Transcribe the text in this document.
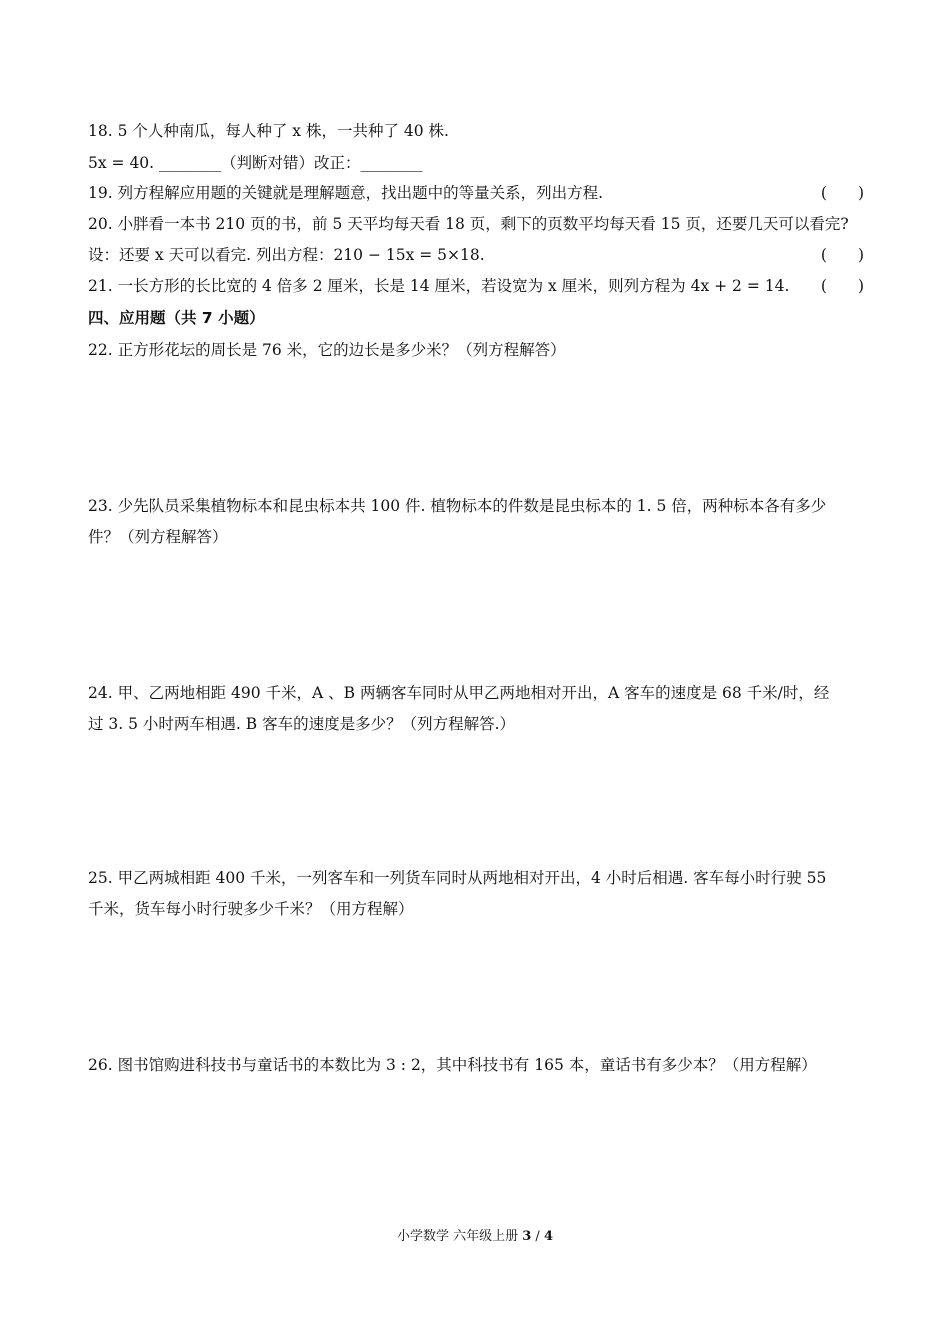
18. 5 个人种南瓜，每人种了 x 株，一共种了 40 株.
5x = 40. ________（判断对错）改正：________
19. 列方程解应用题的关键就是理解题意，找出题中的等量关系，列出方程.	(　　)
20. 小胖看一本书 210 页的书，前 5 天平均每天看 18 页，剩下的页数平均每天看 15 页，还要几天可以看完?
设：还要 x 天可以看完. 列出方程：210 − 15x = 5×18.	(　　)
21. 一长方形的长比宽的 4 倍多 2 厘米，长是 14 厘米，若设宽为 x 厘米，则列方程为 4x + 2 = 14. (　　)
四、应用题（共 7 小题）
22. 正方形花坛的周长是 76 米，它的边长是多少米？（列方程解答）
23. 少先队员采集植物标本和昆虫标本共 100 件. 植物标本的件数是昆虫标本的 1. 5 倍，两种标本各有多少
件？（列方程解答）
24. 甲、乙两地相距 490 千米，A 、B 两辆客车同时从甲乙两地相对开出，A 客车的速度是 68 千米/时，经
过 3. 5 小时两车相遇. B 客车的速度是多少？（列方程解答.）
25. 甲乙两城相距 400 千米，一列客车和一列货车同时从两地相对开出，4 小时后相遇. 客车每小时行驶 55
千米，货车每小时行驶多少千米？（用方程解）
26. 图书馆购进科技书与童话书的本数比为 3 : 2，其中科技书有 165 本，童话书有多少本？（用方程解）
小学数学 六年级上册 3 / 4
